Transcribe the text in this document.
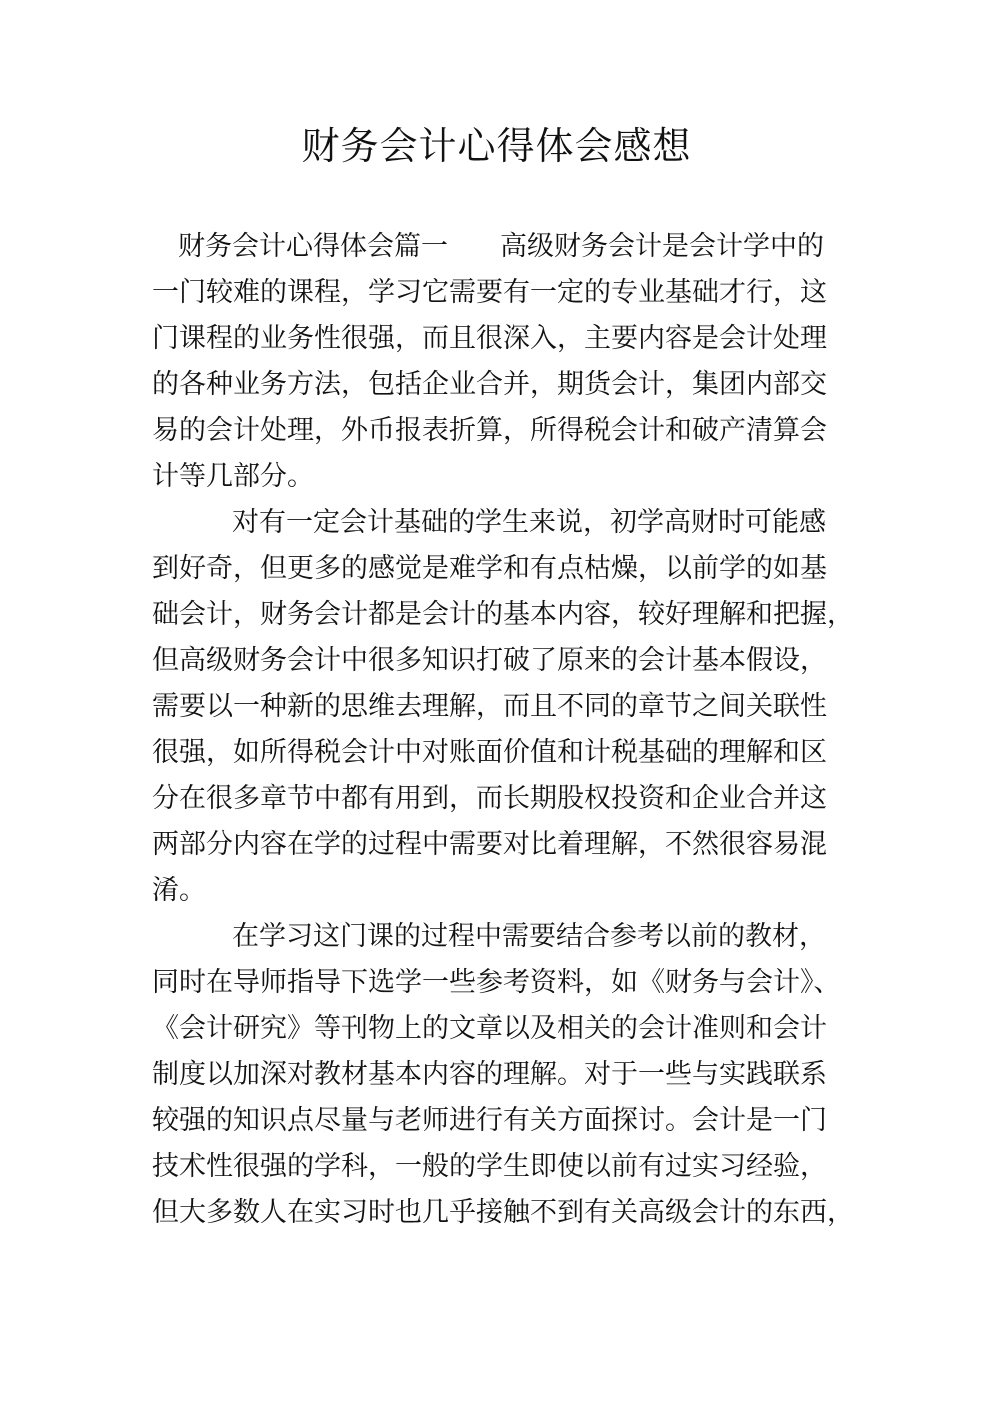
财务会计心得体会感想
财务会计心得体会篇一 高级财务会计是会计学中的
一门较难的课程，学习它需要有一定的专业基础才行，这
门课程的业务性很强，而且很深入，主要内容是会计处理
的各种业务方法，包括企业合并，期货会计，集团内部交
易的会计处理，外币报表折算，所得税会计和破产清算会
计等几部分。
对有一定会计基础的学生来说，初学高财时可能感
到好奇，但更多的感觉是难学和有点枯燥，以前学的如基
础会计，财务会计都是会计的基本内容，较好理解和把握，
但高级财务会计中很多知识打破了原来的会计基本假设，
需要以一种新的思维去理解，而且不同的章节之间关联性
很强，如所得税会计中对账面价值和计税基础的理解和区
分在很多章节中都有用到，而长期股权投资和企业合并这
两部分内容在学的过程中需要对比着理解，不然很容易混
淆。
在学习这门课的过程中需要结合参考以前的教材，
同时在导师指导下选学一些参考资料，如《财务与会计》、
《会计研究》等刊物上的文章以及相关的会计准则和会计
制度以加深对教材基本内容的理解。对于一些与实践联系
较强的知识点尽量与老师进行有关方面探讨。会计是一门
技术性很强的学科，一般的学生即使以前有过实习经验，
但大多数人在实习时也几乎接触不到有关高级会计的东西，
